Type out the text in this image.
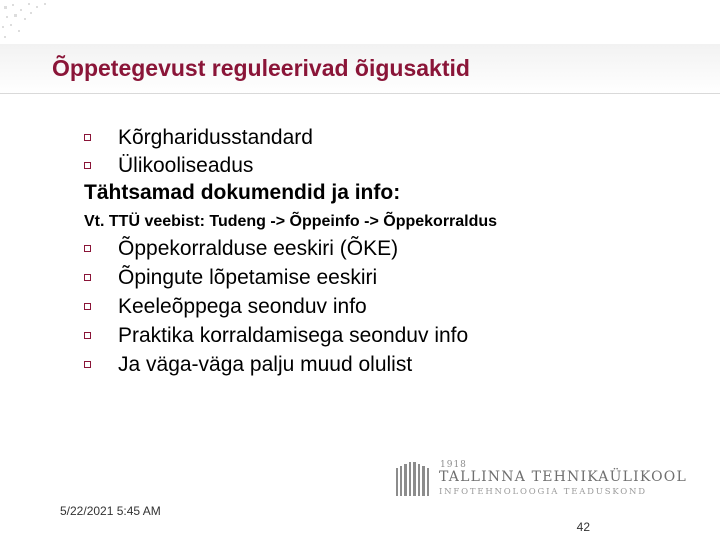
Õppetegevust reguleerivad õigusaktid
Kõrgharidusstandard
Ülikooliseadus
Tähtsamad dokumendid ja info:
Vt. TTÜ veebist: Tudeng -> Õppeinfo -> Õppekorraldus
Õppekorralduse eeskiri (ÕKE)
Õpingute lõpetamise eeskiri
Keeleõppega seonduv info
Praktika korraldamisega seonduv info
Ja väga-väga palju muud olulist
1918
TALLINNA TEHNIKAÜLIKOOL
INFOTEHNOLOOGIA TEADUSKOND
5/22/2021 5:45 AM
42
